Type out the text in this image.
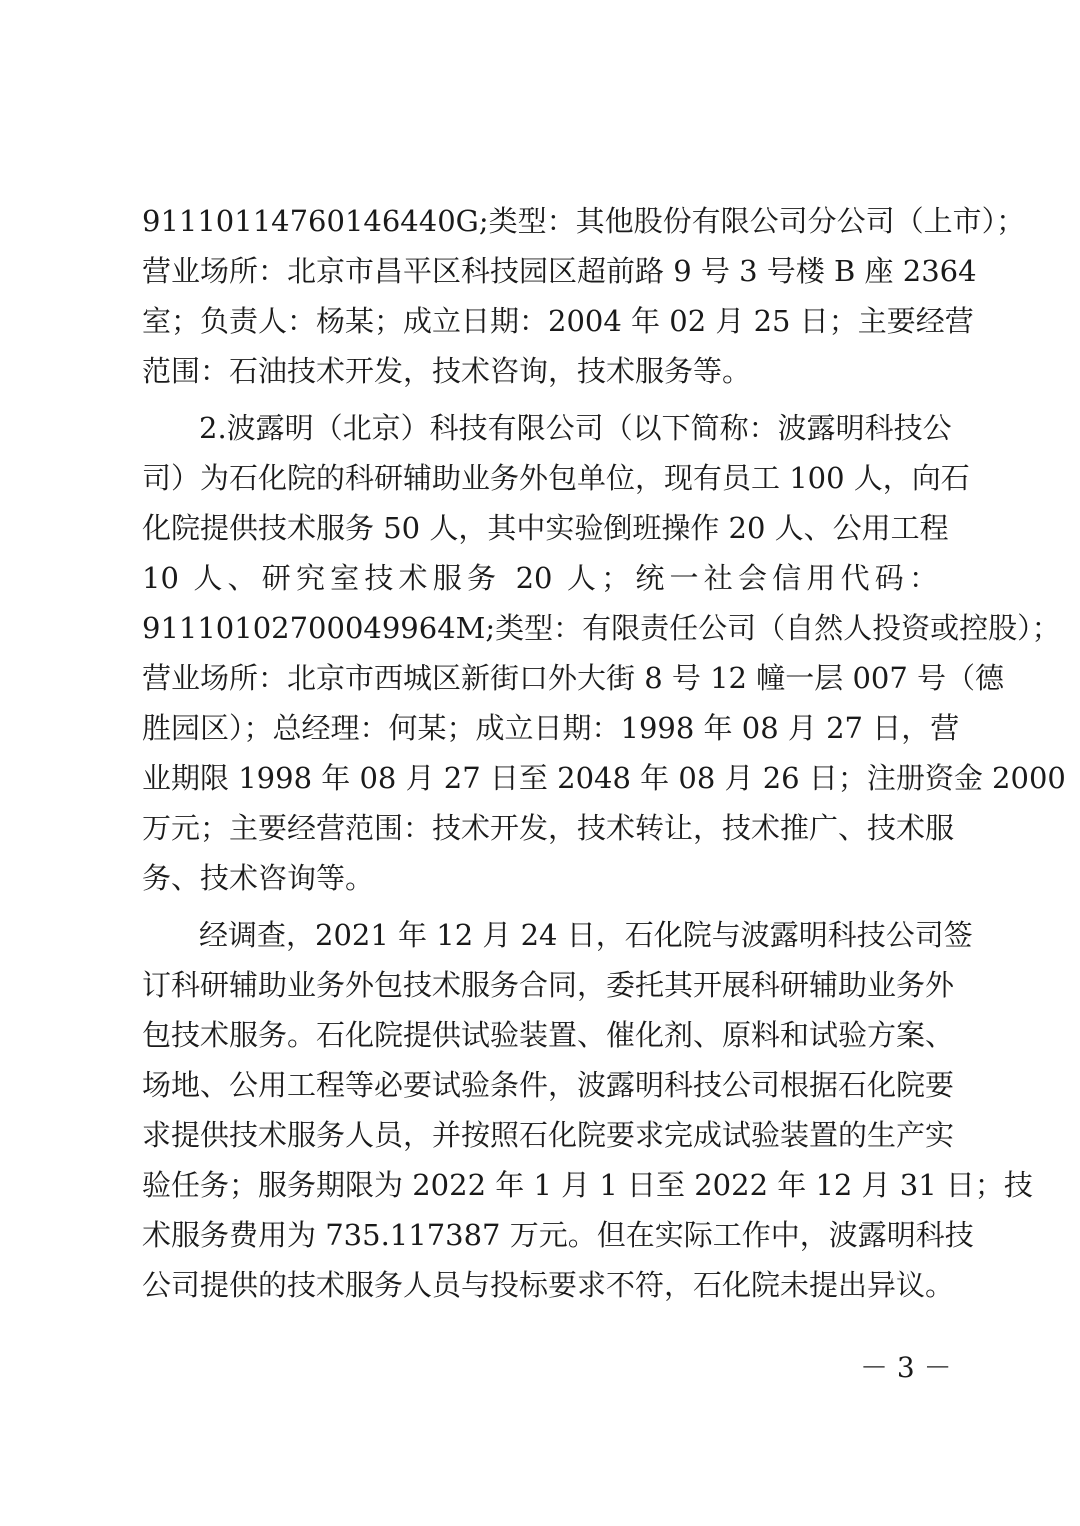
91110114760146440G;类型：其他股份有限公司分公司（上市）；
营业场所：北京市昌平区科技园区超前路 9 号 3 号楼 B 座 2364
室；负责人：杨某；成立日期：2004 年 02 月 25 日；主要经营
范围：石油技术开发，技术咨询，技术服务等。
2.波露明（北京）科技有限公司（以下简称：波露明科技公
司）为石化院的科研辅助业务外包单位，现有员工 100 人，向石
化院提供技术服务 50 人，其中实验倒班操作 20 人、公用工程
10 人、研究室技术服务 20 人；统一社会信用代码：
91110102700049964M;类型：有限责任公司（自然人投资或控股）；
营业场所：北京市西城区新街口外大街 8 号 12 幢一层 007 号（德
胜园区）；总经理：何某；成立日期：1998 年 08 月 27 日，营
业期限 1998 年 08 月 27 日至 2048 年 08 月 26 日；注册资金 2000
万元；主要经营范围：技术开发，技术转让，技术推广、技术服
务、技术咨询等。
经调查，2021 年 12 月 24 日，石化院与波露明科技公司签
订科研辅助业务外包技术服务合同，委托其开展科研辅助业务外
包技术服务。石化院提供试验装置、催化剂、原料和试验方案、
场地、公用工程等必要试验条件，波露明科技公司根据石化院要
求提供技术服务人员，并按照石化院要求完成试验装置的生产实
验任务；服务期限为 2022 年 1 月 1 日至 2022 年 12 月 31 日；技
术服务费用为 735.117387 万元。但在实际工作中，波露明科技
公司提供的技术服务人员与投标要求不符，石化院未提出异议。
－ 3 －
